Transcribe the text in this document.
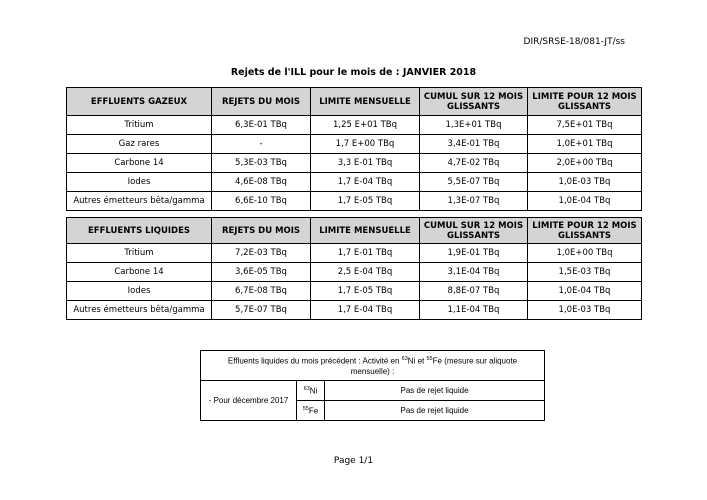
DIR/SRSE-18/081-JT/ss
Rejets de l'ILL pour le mois de : JANVIER 2018
EFFLUENTS GAZEUX	REJETS DU MOIS	LIMITE MENSUELLE	CUMUL SUR 12 MOIS GLISSANTS	LIMITE POUR 12 MOIS GLISSANTS
Tritium	6,3E-01 TBq	1,25 E+01 TBq	1,3E+01 TBq	7,5E+01 TBq
Gaz rares	-	1,7 E+00 TBq	3,4E-01 TBq	1,0E+01 TBq
Carbone 14	5,3E-03 TBq	3,3 E-01 TBq	4,7E-02 TBq	2,0E+00 TBq
Iodes	4,6E-08 TBq	1,7 E-04 TBq	5,5E-07 TBq	1,0E-03 TBq
Autres émetteurs bêta/gamma	6,6E-10 TBq	1,7 E-05 TBq	1,3E-07 TBq	1,0E-04 TBq
EFFLUENTS LIQUIDES	REJETS DU MOIS	LIMITE MENSUELLE	CUMUL SUR 12 MOIS GLISSANTS	LIMITE POUR 12 MOIS GLISSANTS
Tritium	7,2E-03 TBq	1,7 E-01 TBq	1,9E-01 TBq	1,0E+00 TBq
Carbone 14	3,6E-05 TBq	2,5 E-04 TBq	3,1E-04 TBq	1,5E-03 TBq
Iodes	6,7E-08 TBq	1,7 E-05 TBq	8,8E-07 TBq	1,0E-04 TBq
Autres émetteurs bêta/gamma	5,7E-07 TBq	1,7 E-04 TBq	1,1E-04 TBq	1,0E-03 TBq
Effluents liquides du mois précédent : Activité en $^{63}$Ni et $^{55}$Fe (mesure sur aliquote mensuelle) :		
- Pour décembre 2017	$^{63}$Ni	Pas de rejet liquide
	$^{55}$Fe	Pas de rejet liquide
Page 1/1
